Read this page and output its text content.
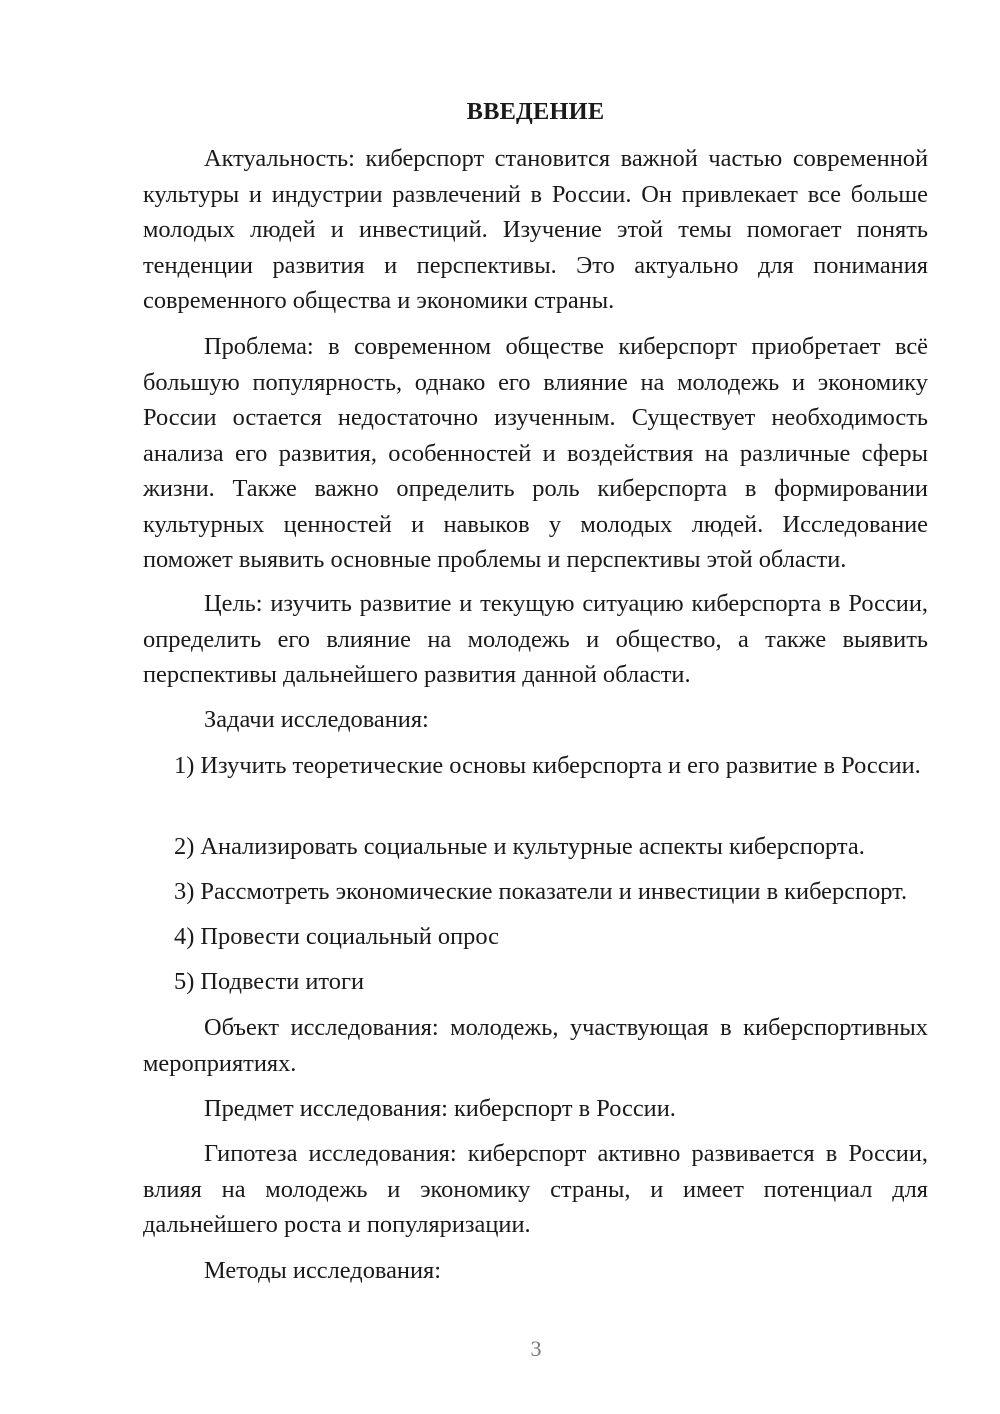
ВВЕДЕНИЕ

Актуальность: киберспорт становится важной частью современной культуры и индустрии развлечений в России. Он привлекает все больше молодых людей и инвестиций. Изучение этой темы помогает понять тенденции развития и перспективы. Это актуально для понимания современного общества и экономики страны.

Проблема: в современном обществе киберспорт приобретает всё большую популярность, однако его влияние на молодежь и экономику России остается недостаточно изученным. Существует необходимость анализа его развития, особенностей и воздействия на различные сферы жизни. Также важно определить роль киберспорта в формировании культурных ценностей и навыков у молодых людей. Исследование поможет выявить основные проблемы и перспективы этой области.

Цель: изучить развитие и текущую ситуацию киберспорта в России, определить его влияние на молодежь и общество, а также выявить перспективы дальнейшего развития данной области.

Задачи исследования:

1) Изучить теоретические основы киберспорта и его развитие в России.

2) Анализировать социальные и культурные аспекты киберспорта.

3) Рассмотреть экономические показатели и инвестиции в киберспорт.

4) Провести социальный опрос

5) Подвести итоги

Объект исследования: молодежь, участвующая в киберспортивных мероприятиях.

Предмет исследования: киберспорт в России.

Гипотеза исследования: киберспорт активно развивается в России, влияя на молодежь и экономику страны, и имеет потенциал для дальнейшего роста и популяризации.

Методы исследования:

3
